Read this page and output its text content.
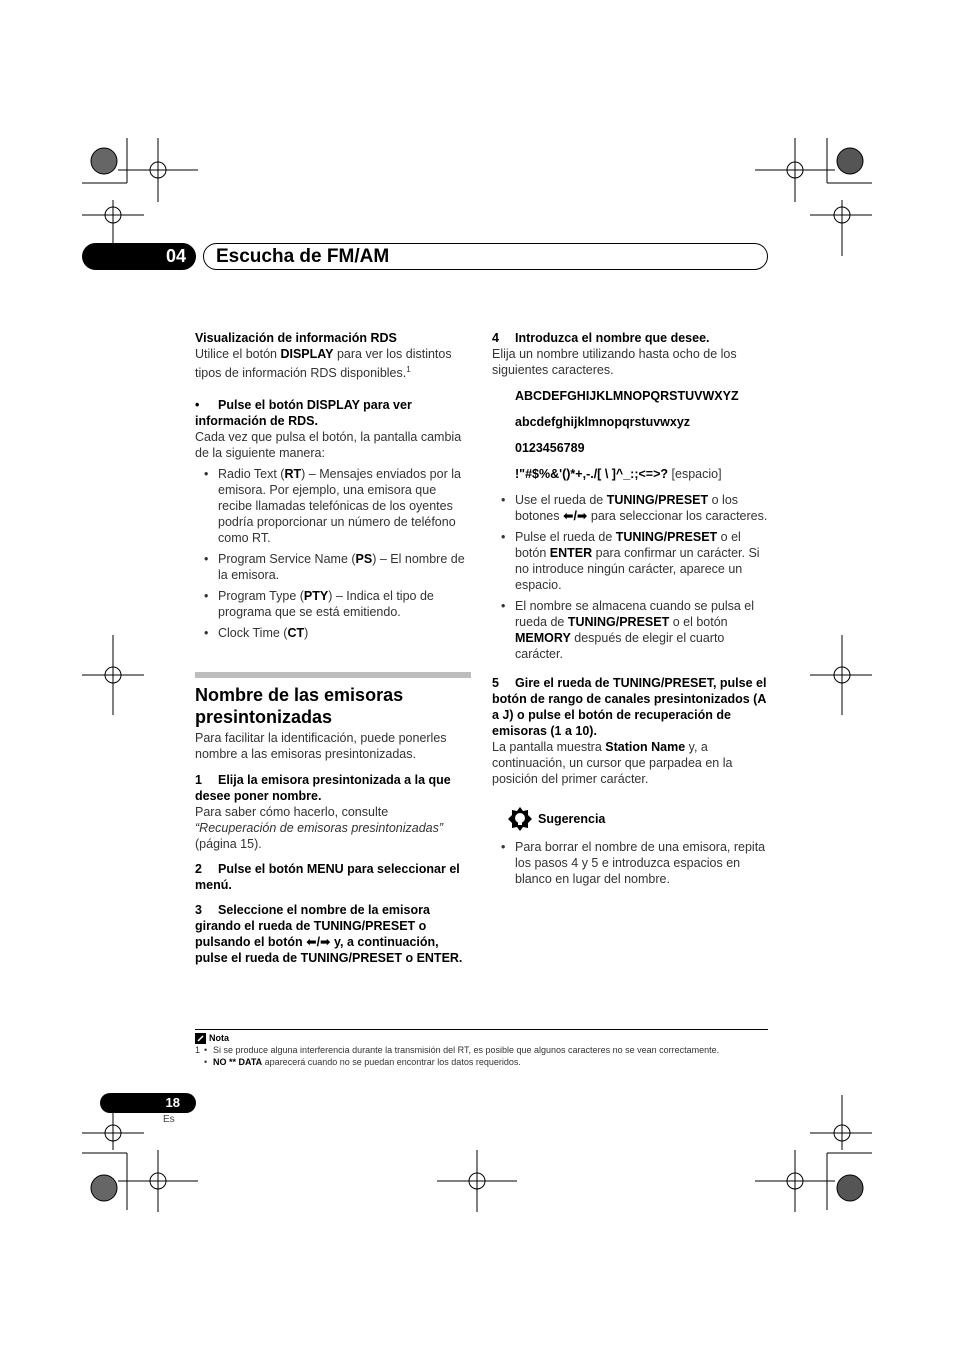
04	Escucha de FM/AM

Visualización de información RDS

Utilice el botón DISPLAY para ver los distintos tipos de información RDS disponibles.$^1$

• Pulse el botón DISPLAY para ver información de RDS.

Cada vez que pulsa el botón, la pantalla cambia de la siguiente manera:

• Radio Text (RT) – Mensajes enviados por la emisora. Por ejemplo, una emisora que recibe llamadas telefónicas de los oyentes podría proporcionar un número de teléfono como RT.
• Program Service Name (PS) – El nombre de la emisora.
• Program Type (PTY) – Indica el tipo de programa que se está emitiendo.
• Clock Time (CT)

Nombre de las emisoras presintonizadas

Para facilitar la identificación, puede ponerles nombre a las emisoras presintonizadas.

1 Elija la emisora presintonizada a la que desee poner nombre.

Para saber cómo hacerlo, consulte “Recuperación de emisoras presintonizadas” (página 15).

2 Pulse el botón MENU para seleccionar el menú.

3 Seleccione el nombre de la emisora girando el rueda de TUNING/PRESET o pulsando el botón ⬅/➡ y, a continuación, pulse el rueda de TUNING/PRESET o ENTER.

4 Introduzca el nombre que desee.

Elija un nombre utilizando hasta ocho de los siguientes caracteres.

ABCDEFGHIJKLMNOPQRSTUVWXYZ

abcdefghijklmnopqrstuvwxyz

0123456789

!"#$%&'()*+,-./[ \ ]^_:;<=>? [espacio]

• Use el rueda de TUNING/PRESET o los botones ⬅/➡ para seleccionar los caracteres.
• Pulse el rueda de TUNING/PRESET o el botón ENTER para confirmar un carácter. Si no introduce ningún carácter, aparece un espacio.
• El nombre se almacena cuando se pulsa el rueda de TUNING/PRESET o el botón MEMORY después de elegir el cuarto carácter.

5 Gire el rueda de TUNING/PRESET, pulse el botón de rango de canales presintonizados (A a J) o pulse el botón de recuperación de emisoras (1 a 10).

La pantalla muestra Station Name y, a continuación, un cursor que parpadea en la posición del primer carácter.

Sugerencia
• Para borrar el nombre de una emisora, repita los pasos 4 y 5 e introduzca espacios en blanco en lugar del nombre.
Nota
1 • Si se produce alguna interferencia durante la transmisión del RT, es posible que algunos caracteres no se vean correctamente.
• NO ** DATA aparecerá cuando no se puedan encontrar los datos requeridos.
18
Es
